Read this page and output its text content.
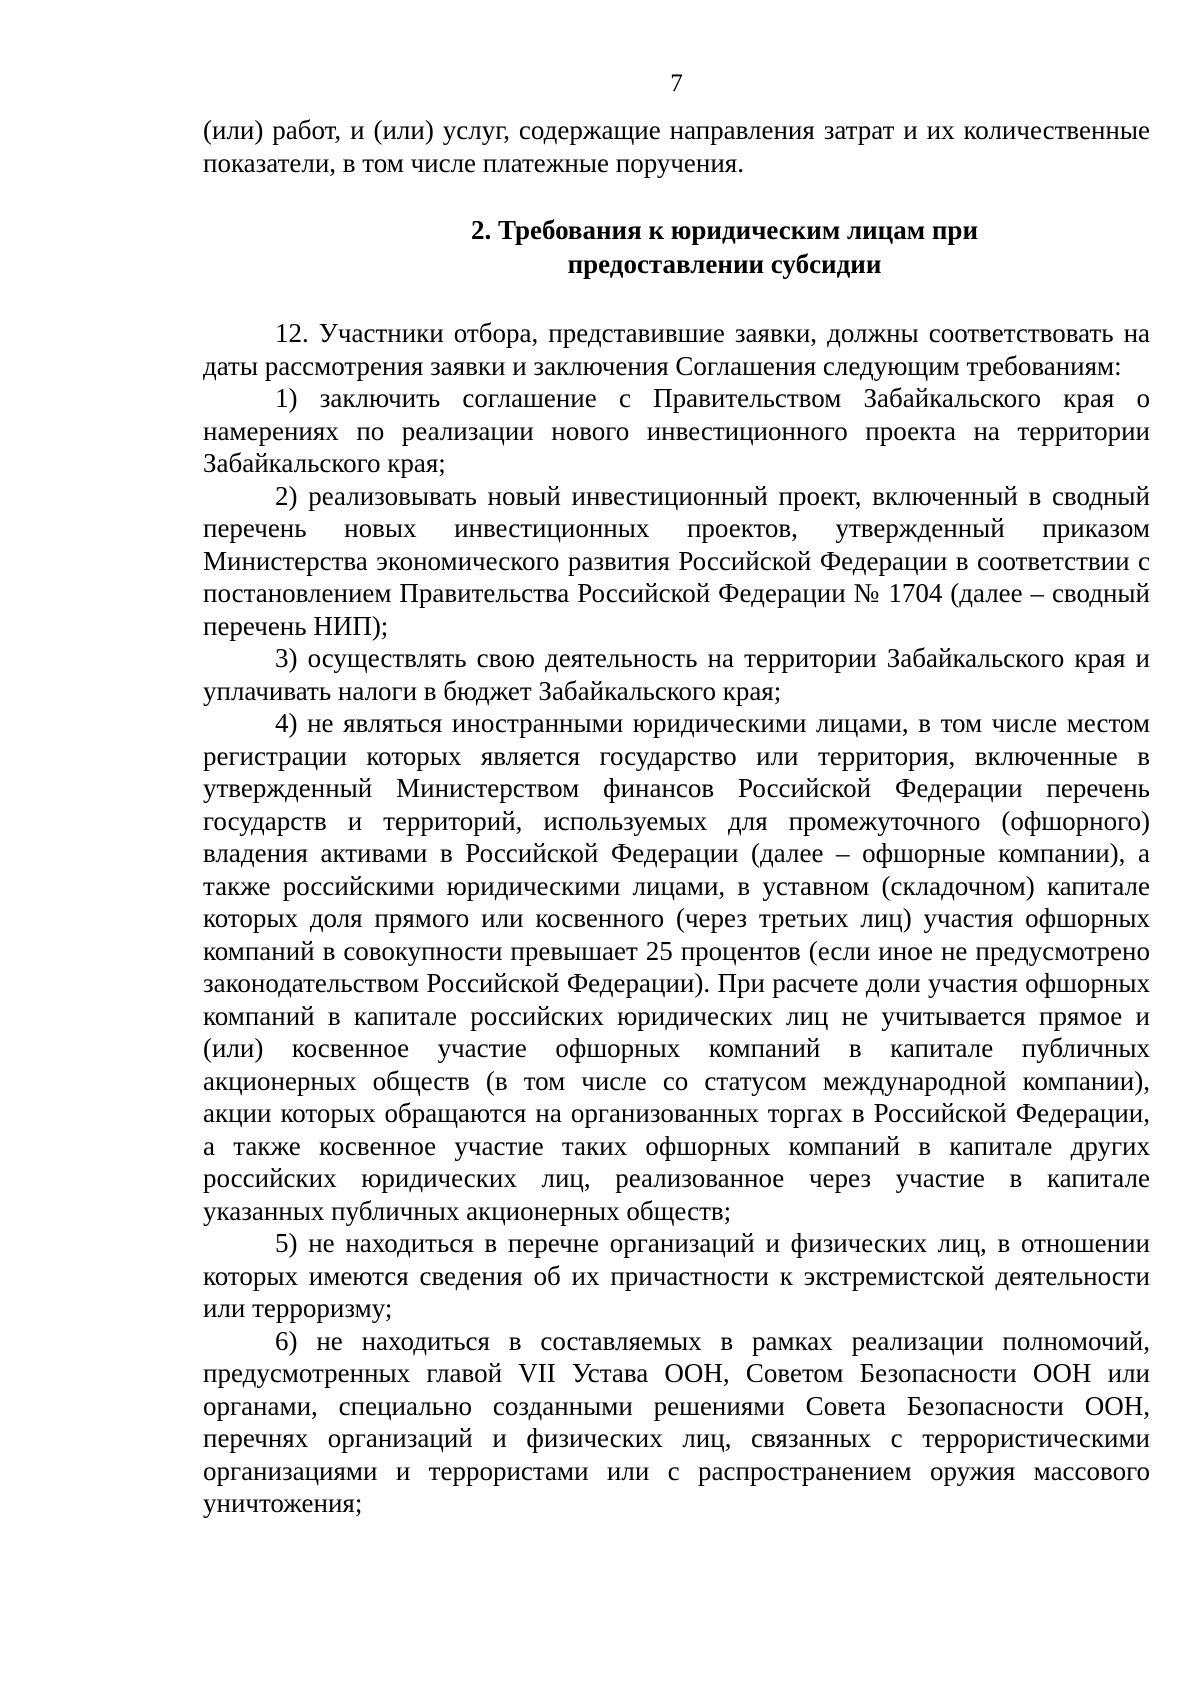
7

(или) работ, и (или) услуг, содержащие направления затрат и их количественные показатели, в том числе платежные поручения.

2. Требования к юридическим лицам при
предоставлении субсидии

12. Участники отбора, представившие заявки, должны соответствовать на даты рассмотрения заявки и заключения Соглашения следующим требованиям:

1) заключить соглашение с Правительством Забайкальского края о намерениях по реализации нового инвестиционного проекта на территории Забайкальского края;

2) реализовывать новый инвестиционный проект, включенный в сводный перечень новых инвестиционных проектов, утвержденный приказом Министерства экономического развития Российской Федерации в соответствии с постановлением Правительства Российской Федерации № 1704 (далее – сводный перечень НИП);

3) осуществлять свою деятельность на территории Забайкальского края и уплачивать налоги в бюджет Забайкальского края;

4) не являться иностранными юридическими лицами, в том числе местом регистрации которых является государство или территория, включенные в утвержденный Министерством финансов Российской Федерации перечень государств и территорий, используемых для промежуточного (офшорного) владения активами в Российской Федерации (далее – офшорные компании), а также российскими юридическими лицами, в уставном (складочном) капитале которых доля прямого или косвенного (через третьих лиц) участия офшорных компаний в совокупности превышает 25 процентов (если иное не предусмотрено законодательством Российской Федерации). При расчете доли участия офшорных компаний в капитале российских юридических лиц не учитывается прямое и (или) косвенное участие офшорных компаний в капитале публичных акционерных обществ (в том числе со статусом международной компании), акции которых обращаются на организованных торгах в Российской Федерации, а также косвенное участие таких офшорных компаний в капитале других российских юридических лиц, реализованное через участие в капитале указанных публичных акционерных обществ;

5) не находиться в перечне организаций и физических лиц, в отношении которых имеются сведения об их причастности к экстремистской деятельности или терроризму;

6) не находиться в составляемых в рамках реализации полномочий, предусмотренных главой VII Устава ООН, Советом Безопасности ООН или органами, специально созданными решениями Совета Безопасности ООН, перечнях организаций и физических лиц, связанных с террористическими организациями и террористами или с распространением оружия массового уничтожения;
